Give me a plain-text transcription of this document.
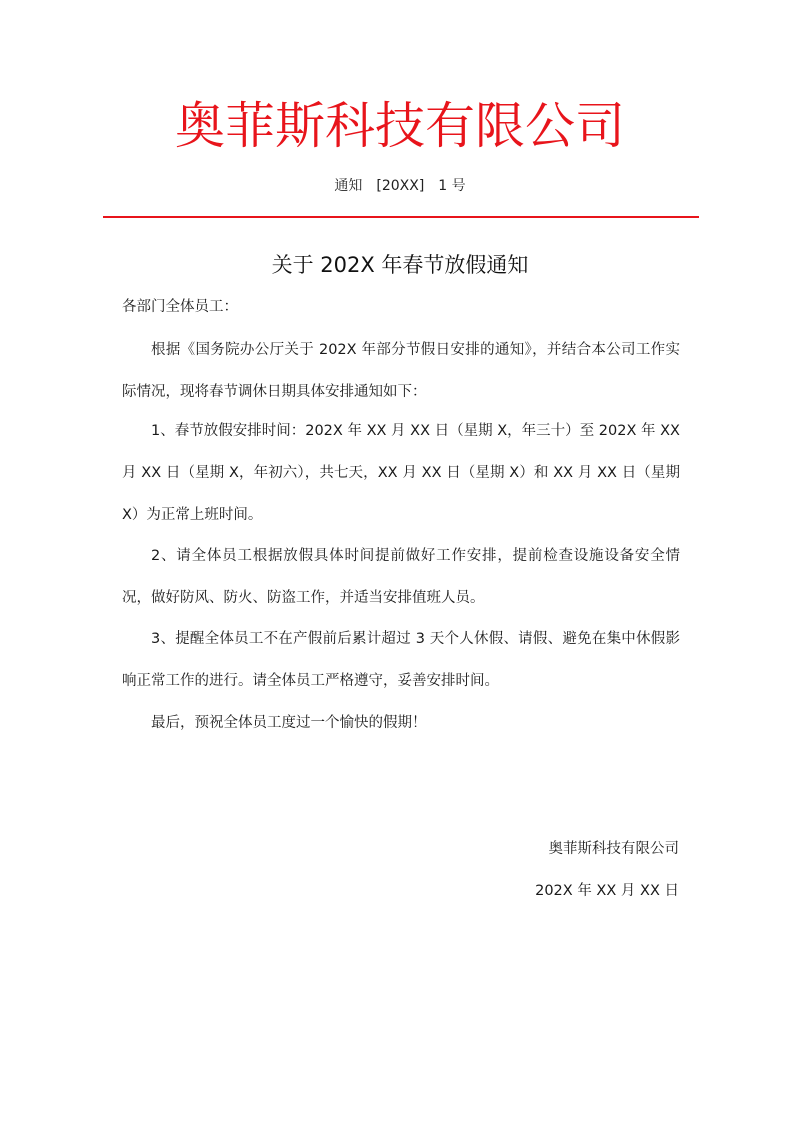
奥菲斯科技有限公司
通知 [20XX] 1 号
关于 202X 年春节放假通知
各部门全体员工：
根据《国务院办公厅关于 202X 年部分节假日安排的通知》，并结合本公司工作实际情况，现将春节调休日期具体安排通知如下：
1、春节放假安排时间：202X 年 XX 月 XX 日（星期 X，年三十）至 202X 年 XX 月 XX 日（星期 X，年初六），共七天，XX 月 XX 日（星期 X）和 XX 月 XX 日（星期 X）为正常上班时间。
2、请全体员工根据放假具体时间提前做好工作安排，提前检查设施设备安全情况，做好防风、防火、防盗工作，并适当安排值班人员。
3、提醒全体员工不在产假前后累计超过 3 天个人休假、请假、避免在集中休假影响正常工作的进行。请全体员工严格遵守，妥善安排时间。
最后，预祝全体员工度过一个愉快的假期！
奥菲斯科技有限公司
202X 年 XX 月 XX 日
